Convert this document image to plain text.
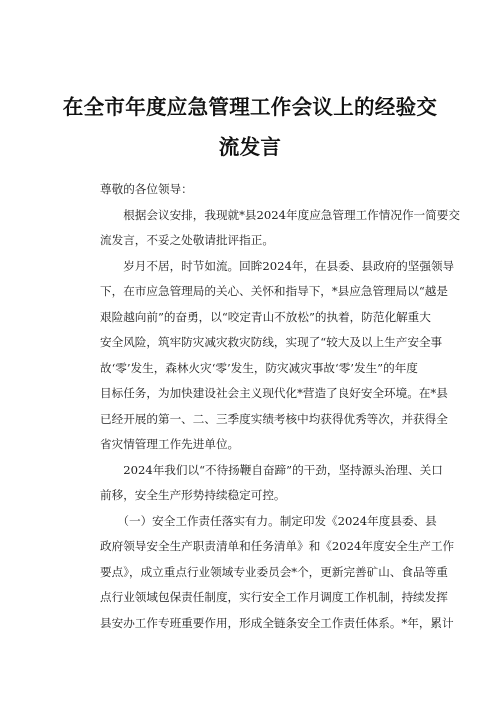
在全市年度应急管理工作会议上的经验交
流发言
尊敬的各位领导：
　　根据会议安排，我现就*县2024年度应急管理工作情况作一简要交
流发言，不妥之处敬请批评指正。
　　岁月不居，时节如流。回眸2024年，在县委、县政府的坚强领导
下，在市应急管理局的关心、关怀和指导下，*县应急管理局以“越是
艰险越向前”的奋勇，以“咬定青山不放松”的执着，防范化解重大
安全风险，筑牢防灾减灾救灾防线，实现了“较大及以上生产安全事
故‘零’发生，森林火灾‘零’发生，防灾减灾事故‘零’发生”的年度
目标任务，为加快建设社会主义现代化*营造了良好安全环境。在*县
已经开展的第一、二、三季度实绩考核中均获得优秀等次，并获得全
省灾情管理工作先进单位。
　　2024年我们以“不待扬鞭自奋蹄”的干劲，坚持源头治理、关口
前移，安全生产形势持续稳定可控。
　　（一）安全工作责任落实有力。制定印发《2024年度县委、县
政府领导安全生产职责清单和任务清单》和《2024年度安全生产工作
要点》，成立重点行业领域专业委员会*个，更新完善矿山、食品等重
点行业领域包保责任制度，实行安全工作月调度工作机制，持续发挥
县安办工作专班重要作用，形成全链条安全工作责任体系。*年，累计
